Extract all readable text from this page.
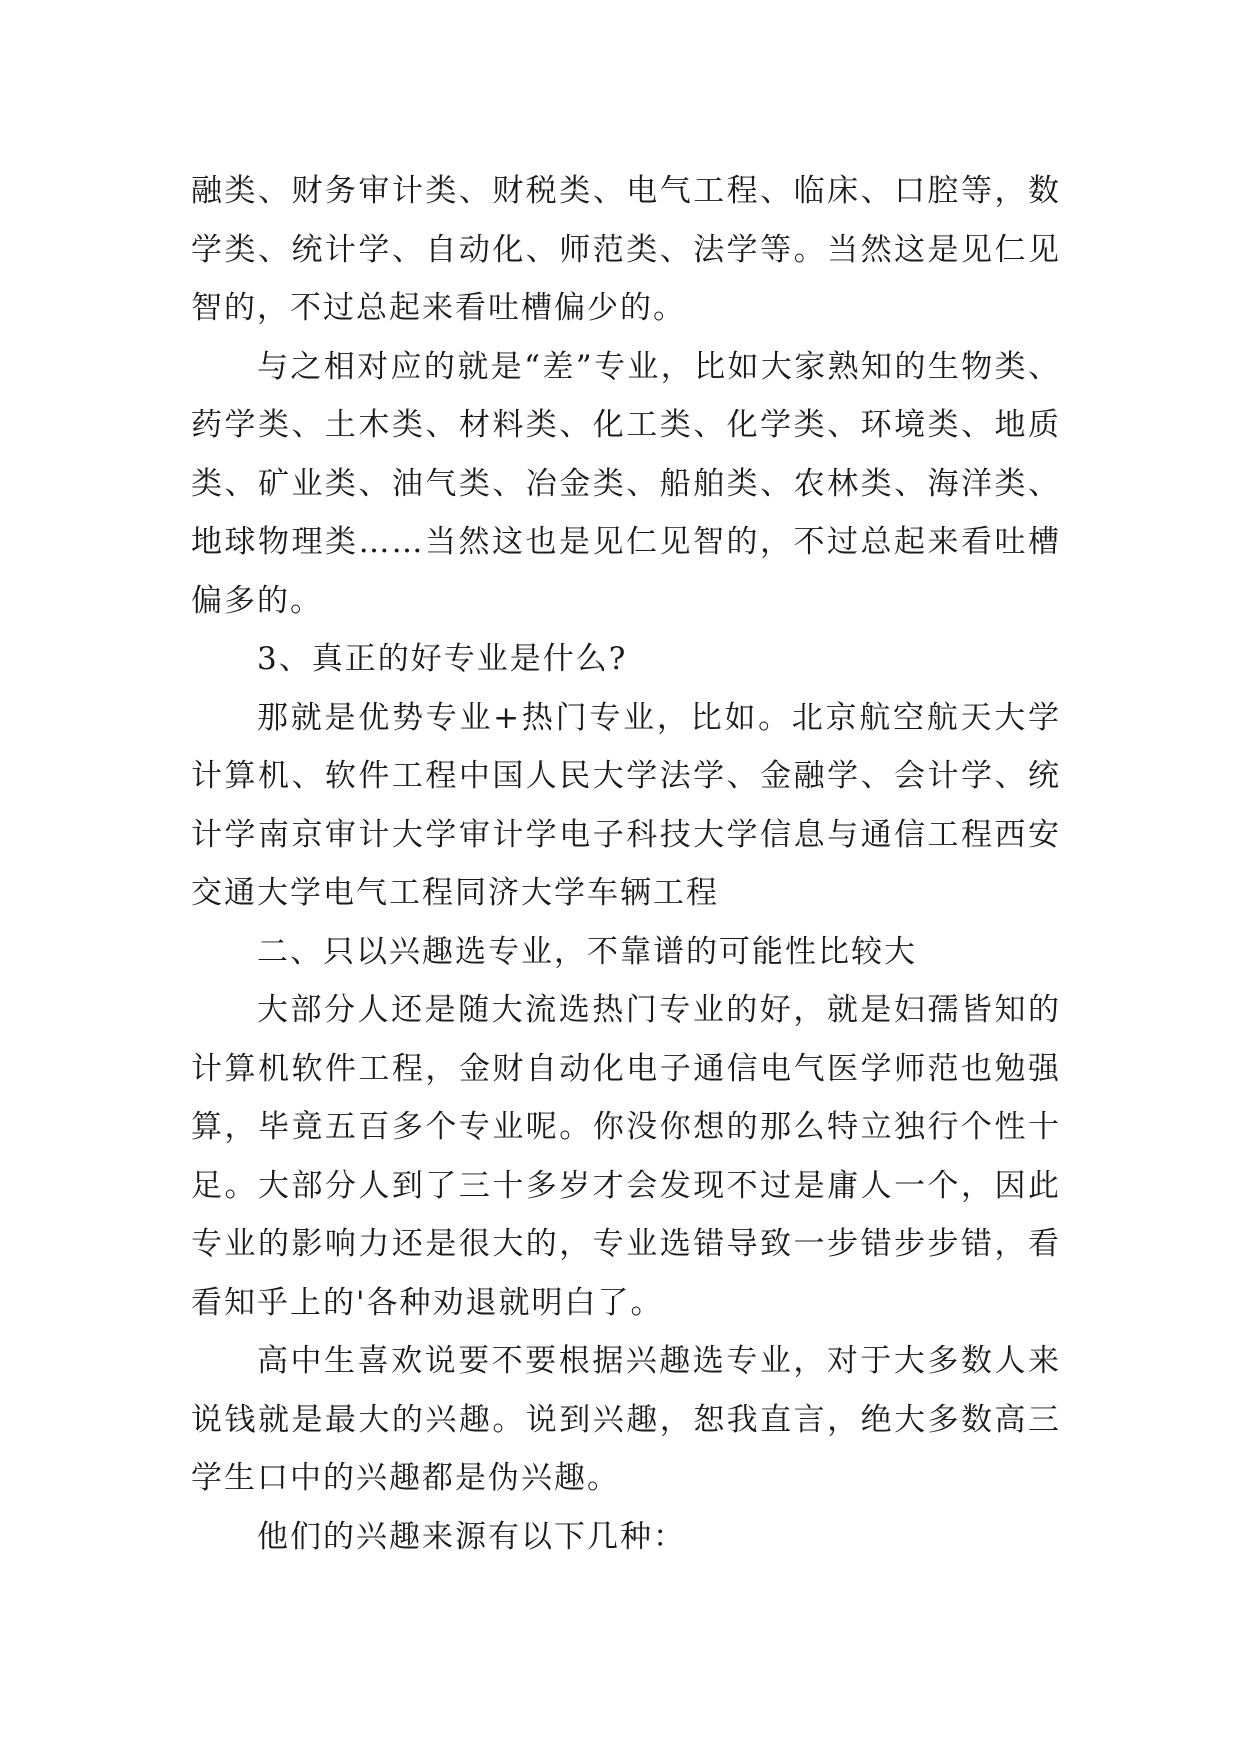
融类、财务审计类、财税类、电气工程、临床、口腔等，数学类、统计学、自动化、师范类、法学等。当然这是见仁见智的，不过总起来看吐槽偏少的。

与之相对应的就是“差”专业，比如大家熟知的生物类、药学类、土木类、材料类、化工类、化学类、环境类、地质类、矿业类、油气类、冶金类、船舶类、农林类、海洋类、地球物理类……当然这也是见仁见智的，不过总起来看吐槽偏多的。

3、真正的好专业是什么?

那就是优势专业+热门专业，比如。北京航空航天大学计算机、软件工程中国人民大学法学、金融学、会计学、统计学南京审计大学审计学电子科技大学信息与通信工程西安交通大学电气工程同济大学车辆工程

二、只以兴趣选专业，不靠谱的可能性比较大

大部分人还是随大流选热门专业的好，就是妇孺皆知的计算机软件工程，金财自动化电子通信电气医学师范也勉强算，毕竟五百多个专业呢。你没你想的那么特立独行个性十足。大部分人到了三十多岁才会发现不过是庸人一个，因此专业的影响力还是很大的，专业选错导致一步错步步错，看看知乎上的'各种劝退就明白了。

高中生喜欢说要不要根据兴趣选专业，对于大多数人来说钱就是最大的兴趣。说到兴趣，恕我直言，绝大多数高三学生口中的兴趣都是伪兴趣。

他们的兴趣来源有以下几种：
